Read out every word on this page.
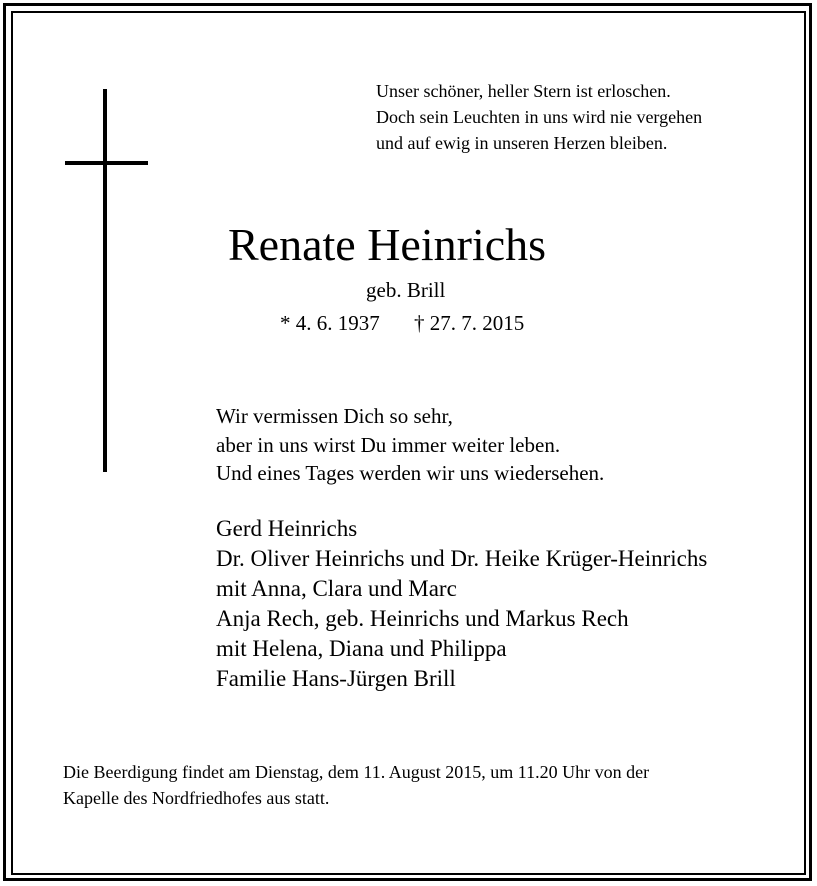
Unser schöner, heller Stern ist erloschen.
Doch sein Leuchten in uns wird nie vergehen
und auf ewig in unseren Herzen bleiben.
Renate Heinrichs
geb. Brill
* 4. 6. 1937 † 27. 7. 2015
Wir vermissen Dich so sehr,
aber in uns wirst Du immer weiter leben.
Und eines Tages werden wir uns wiedersehen.
Gerd Heinrichs
Dr. Oliver Heinrichs und Dr. Heike Krüger-Heinrichs
mit Anna, Clara und Marc
Anja Rech, geb. Heinrichs und Markus Rech
mit Helena, Diana und Philippa
Familie Hans-Jürgen Brill
Die Beerdigung findet am Dienstag, dem 11. August 2015, um 11.20 Uhr von der
Kapelle des Nordfriedhofes aus statt.
